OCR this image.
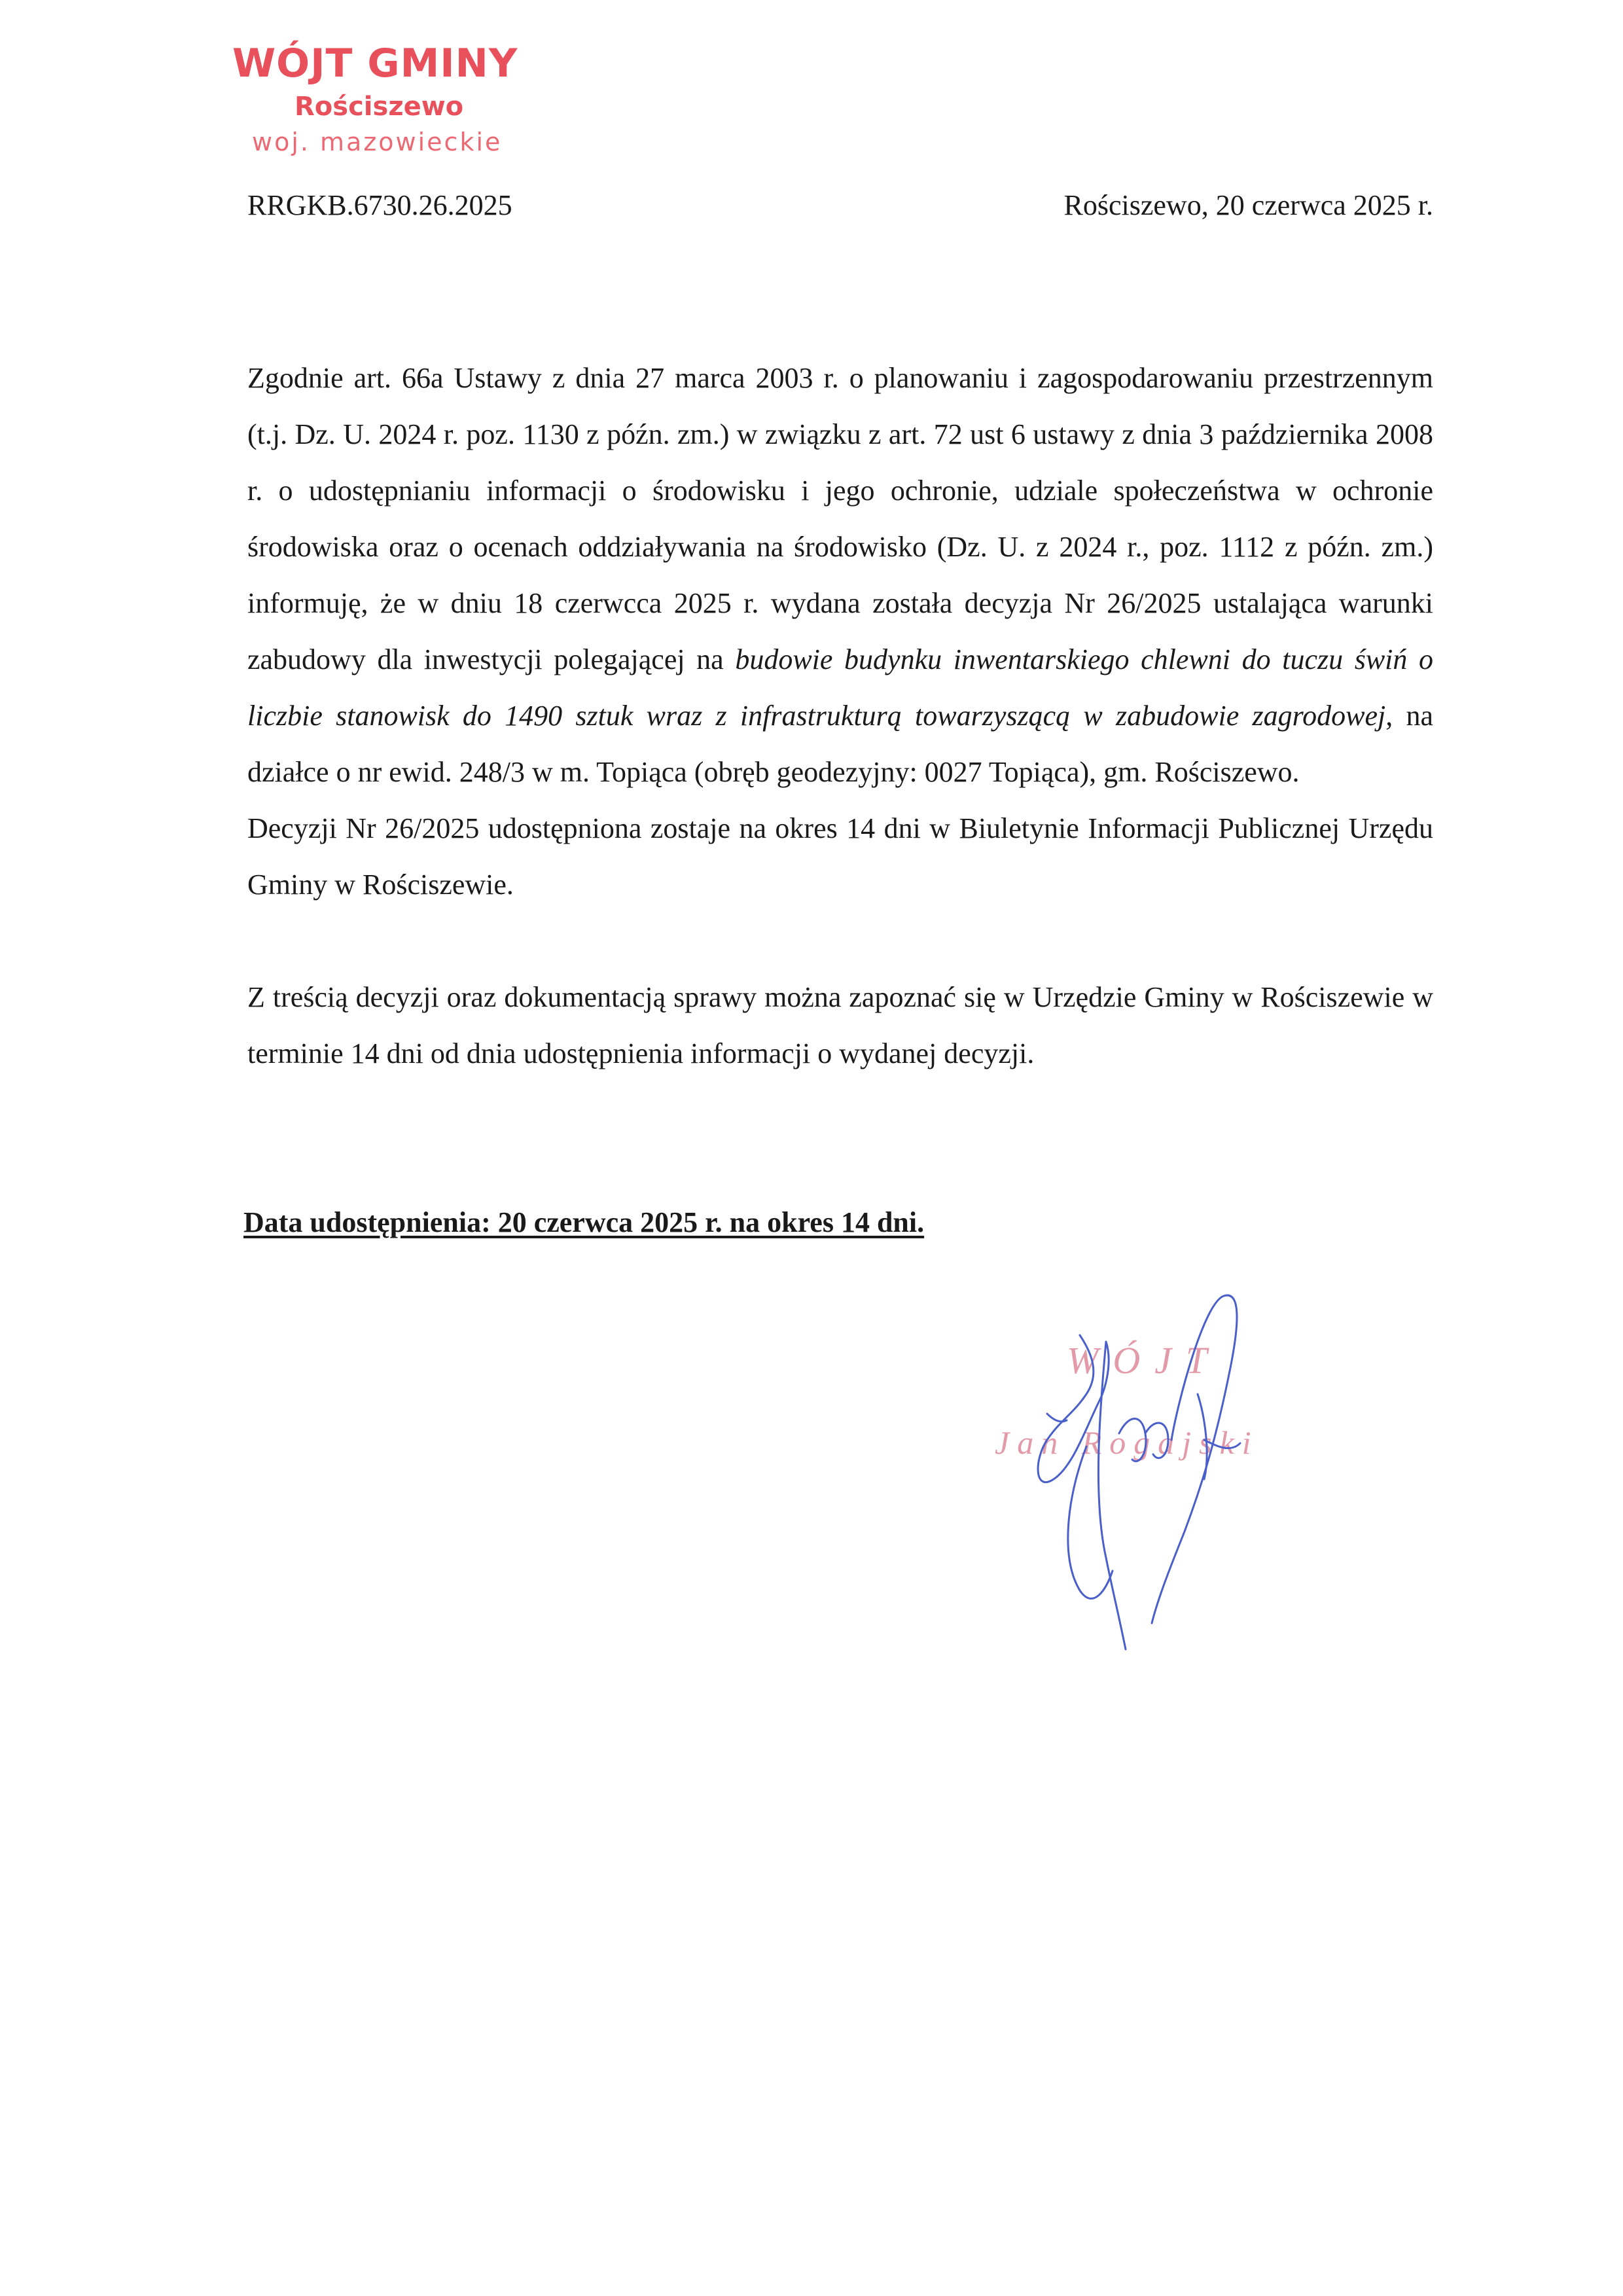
WÓJT GMINY
Rościszewo
woj. mazowieckie
RRGKB.6730.26.2025	Rościszewo, 20 czerwca 2025 r.

Zgodnie art. 66a Ustawy z dnia 27 marca 2003 r. o planowaniu i zagospodarowaniu przestrzennym (t.j. Dz. U. 2024 r. poz. 1130 z późn. zm.) w związku z art. 72 ust 6 ustawy z dnia 3 października 2008 r. o udostępnianiu informacji o środowisku i jego ochronie, udziale społeczeństwa w ochronie środowiska oraz o ocenach oddziaływania na środowisko (Dz. U. z 2024 r., poz. 1112 z późn. zm.) informuję, że w dniu 18 czerwcca 2025 r. wydana została decyzja Nr 26/2025 ustalająca warunki zabudowy dla inwestycji polegającej na budowie budynku inwentarskiego chlewni do tuczu świń o liczbie stanowisk do 1490 sztuk wraz z infrastrukturą towarzyszącą w zabudowie zagrodowej, na działce o nr ewid. 248/3 w m. Topiąca (obręb geodezyjny: 0027 Topiąca), gm. Rościszewo.

Decyzji Nr 26/2025 udostępniona zostaje na okres 14 dni w Biuletynie Informacji Publicznej Urzędu Gminy w Rościszewie.

Z treścią decyzji oraz dokumentacją sprawy można zapoznać się w Urzędzie Gminy w Rościszewie w terminie 14 dni od dnia udostępnienia informacji o wydanej decyzji.

Data udostępnienia: 20 czerwca 2025 r. na okres 14 dni.
WÓJT
Jan Rogajski
